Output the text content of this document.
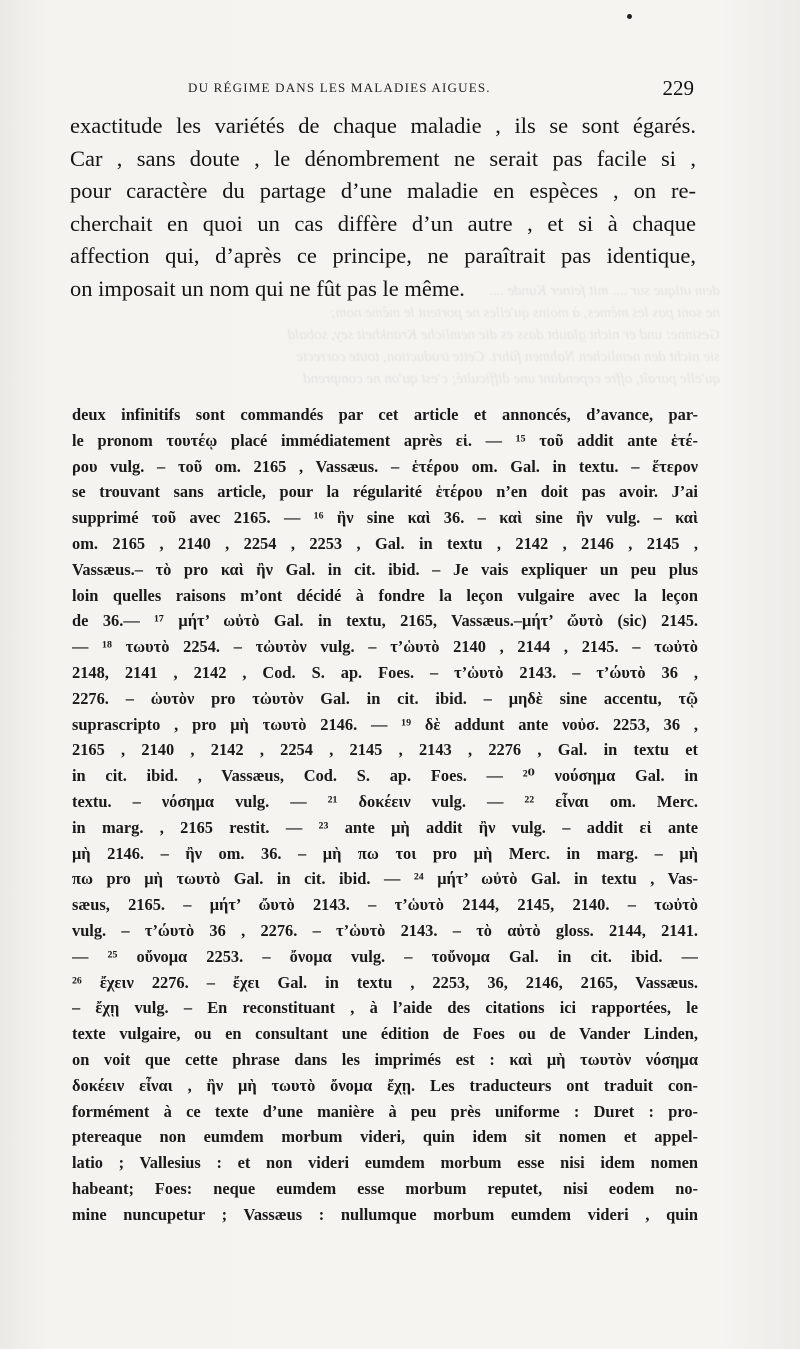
DU RÉGIME DANS LES MALADIES AIGUES.	229
dem utique sur .... mit feiner Kunde ....
ne sont pas les mêmes, à moins qu'elles ne portent le même nom;
Gesinne: und er nicht glaubt dass es die nemliche Krankheit sey, sobald
sie nicht den nemlichen Nahmen führt. Cette traduction, toute correcte
qu'elle paraît, offre cependant une difficulté; c'est qu'on ne comprend
exactitude les variétés de chaque maladie , ils se sont égarés.
Car , sans doute , le dénombrement ne serait pas facile si ,
pour caractère du partage d’une maladie en espèces , on re-
cherchait en quoi un cas diffère d’un autre , et si à chaque
affection qui, d’après ce principe, ne paraîtrait pas identique,
on imposait un nom qui ne fût pas le même.
deux infinitifs sont commandés par cet article et annoncés, d’avance, par-
le pronom τουτέῳ placé immédiatement après εἰ. — ¹⁵ τοῦ addit ante ἑτέ-
ρου vulg. – τοῦ om. 2165 , Vassæus. – ἑτέρου om. Gal. in textu. – ἕτερον
se trouvant sans article, pour la régularité ἑτέρου n’en doit pas avoir. J’ai
supprimé τοῦ avec 2165. — ¹⁶ ἢν sine καὶ 36. – καὶ sine ἢν vulg. – καὶ
om. 2165 , 2140 , 2254 , 2253 , Gal. in textu , 2142 , 2146 , 2145 ,
Vassæus.– τὸ pro καὶ ἢν Gal. in cit. ibid. – Je vais expliquer un peu plus
loin quelles raisons m’ont décidé à fondre la leçon vulgaire avec la leçon
de 36.— ¹⁷ μήτ’ ωὐτὸ Gal. in textu, 2165, Vassæus.–μήτ’ ὤυτὸ (sic) 2145.
— ¹⁸ τωυτὸ 2254. – τὠυτὸν vulg. – τ’ὡυτὸ 2140 , 2144 , 2145. – τωὐτὸ
2148, 2141 , 2142 , Cod. S. ap. Foes. – τ’ὡυτὸ 2143. – τ’ώυτὸ 36 ,
2276. – ὡυτὸν pro τὠυτὸν Gal. in cit. ibid. – μηδὲ sine accentu, τῷ
suprascripto , pro μὴ τωυτὸ 2146. — ¹⁹ δὲ addunt ante νοὐσ. 2253, 36 ,
2165 , 2140 , 2142 , 2254 , 2145 , 2143 , 2276 , Gal. in textu et
in cit. ibid. , Vassæus, Cod. S. ap. Foes. — ²⁰ νούσημα Gal. in
textu. – νόσημα vulg. — ²¹ δοκέειν vulg. — ²² εἶναι om. Merc.
in marg. , 2165 restit. — ²³ ante μὴ addit ἢν vulg. – addit εἰ ante
μὴ 2146. – ἢν om. 36. – μὴ πω τοι pro μὴ Merc. in marg. – μὴ
πω pro μὴ τωυτὸ Gal. in cit. ibid. — ²⁴ μήτ’ ωὐτὸ Gal. in textu , Vas-
sæus, 2165. – μήτ’ ὤυτὸ 2143. – τ’ὡυτὸ 2144, 2145, 2140. – τωὐτὸ
vulg. – τ’ώυτὸ 36 , 2276. – τ’ὡυτὸ 2143. – τὸ αὐτὸ gloss. 2144, 2141.
— ²⁵ οὔνομα 2253. – ὄνομα vulg. – τοὔνομα Gal. in cit. ibid. —
²⁶ ἔχειν 2276. – ἔχει Gal. in textu , 2253, 36, 2146, 2165, Vassæus.
– ἔχῃ vulg. – En reconstituant , à l’aide des citations ici rapportées, le
texte vulgaire, ou en consultant une édition de Foes ou de Vander Linden,
on voit que cette phrase dans les imprimés est : καὶ μὴ τωυτὸν νόσημα
δοκέειν εἶναι , ἢν μὴ τωυτὸ ὄνομα ἔχῃ. Les traducteurs ont traduit con-
formément à ce texte d’une manière à peu près uniforme : Duret : pro-
ptereaque non eumdem morbum videri, quin idem sit nomen et appel-
latio ; Vallesius : et non videri eumdem morbum esse nisi idem nomen
habeant; Foes: neque eumdem esse morbum reputet, nisi eodem no-
mine nuncupetur ; Vassæus : nullumque morbum eumdem videri , quin
